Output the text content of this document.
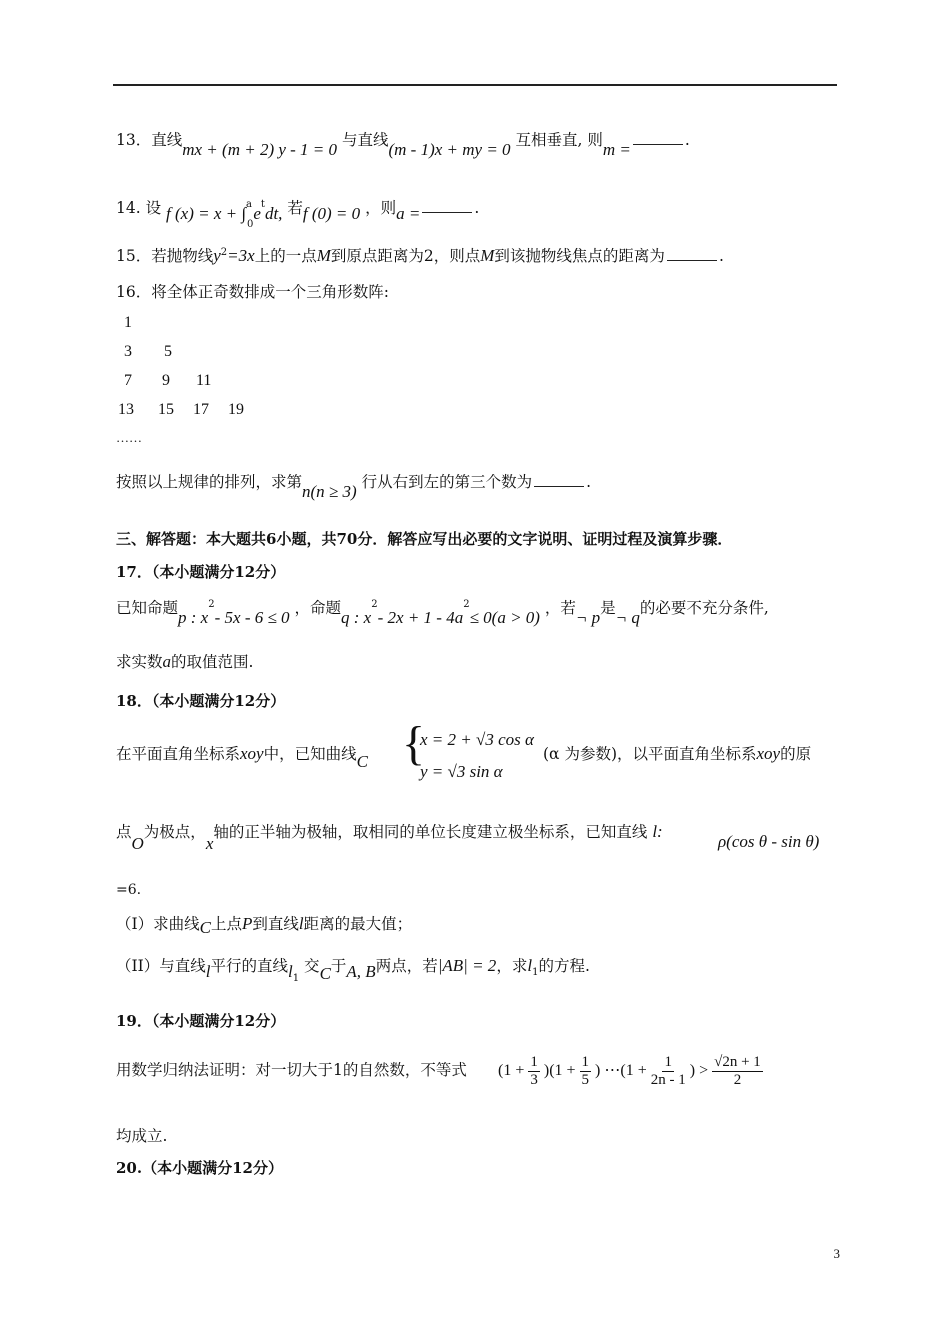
13．直线mx + (m + 2) y - 1 = 0 与直线(m - 1)x + my = 0 互相垂直, 则m =	.
14. 设 f $(x) = x + \int^a_0e^tdt$, 若f (0) = 0 ，则a =	.
15．若抛物线$y^2=3x$上的一点M到原点距离为2，则点M到该抛物线焦点的距离为	.
16．将全体正奇数排成一个三角形数阵:
1
3 5
7 9 11
13 15 17 19
……
按照以上规律的排列，求第n(n ≥ 3) 行从右到左的第三个数为	.
三、解答题：本大题共6小题，共70分．解答应写出必要的文字说明、证明过程及演算步骤．
17．（本小题满分12分）
已知命题p : $x^2-$ 5x - 6 ≤ 0 ，命题q : $x^2-$ $2x + 1 - 4a^2\le 0(a > 0)$ ，若¬ p是¬ q的必要不充分条件,
求实数a的取值范围.
18．（本小题满分12分）
在平面直角坐标系xoy中，已知曲线C {
x = 2 + √3 cos α
y = √3 sin α
(α 为参数)，以平面直角坐标系xoy的原
点O为极点，x轴的正半轴为极轴，取相同的单位长度建立极坐标系，已知直线 l:
ρ(cos θ - sin θ)
=6.
（I）求曲线C上点P到直线l距离的最大值；
（II）与直线l平行的直线$l_1$ 交C于A, B两点，若|AB| = 2，求$l_1$的方程.
19．（本小题满分12分）
用数学归纳法证明：对一切大于1的自然数，不等式 $(1 + \frac{1}{3} )(1 + \frac{1}{5}$ ) ⋯(1 + $\frac{1}{2n - 1}$ ) > $\frac{√2n + 1}{2}$
均成立.
20.（本小题满分12分）
3
